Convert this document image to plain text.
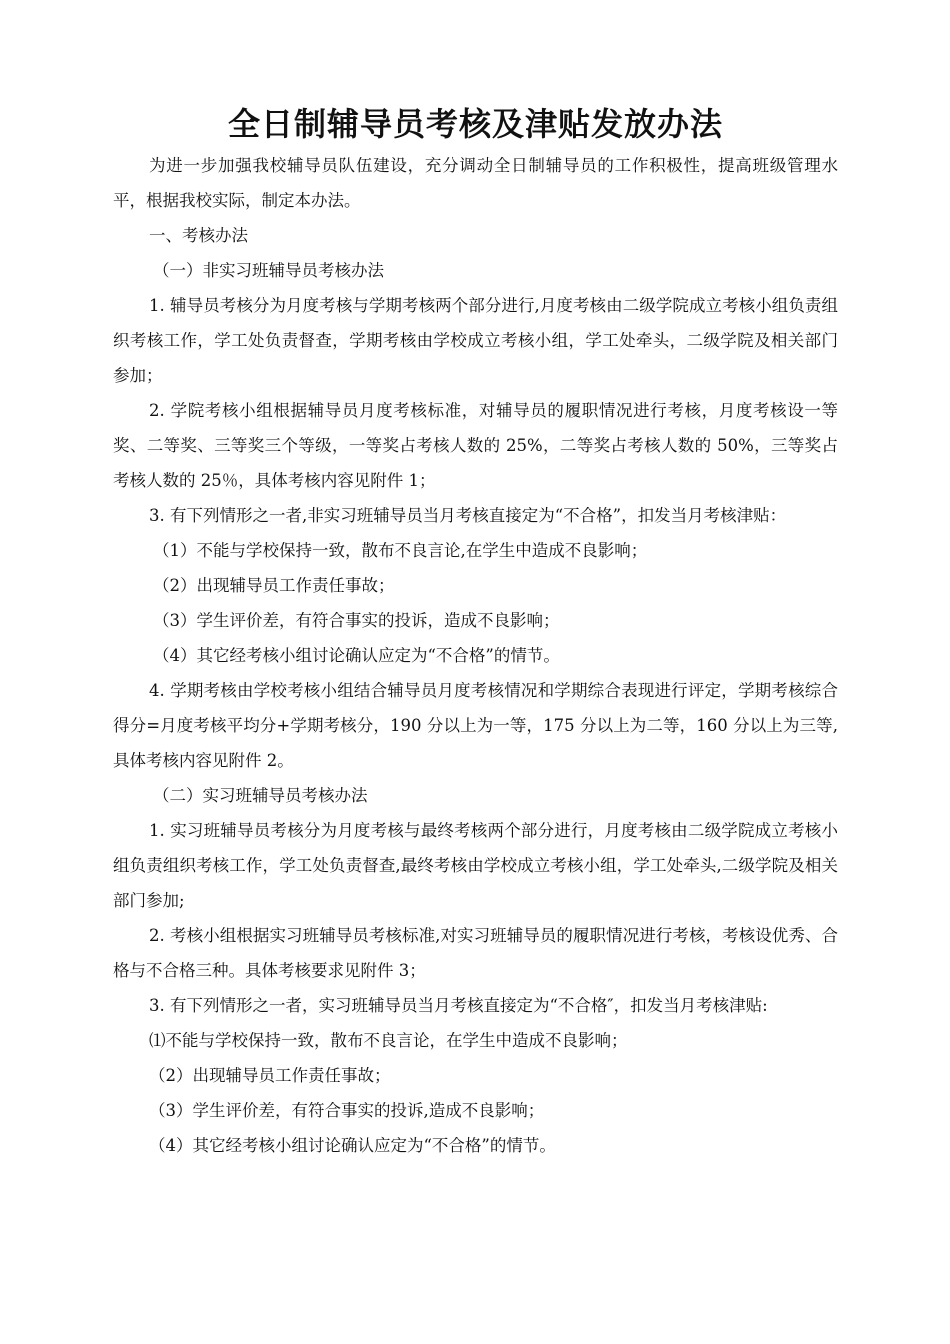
全日制辅导员考核及津贴发放办法

为进一步加强我校辅导员队伍建设，充分调动全日制辅导员的工作积极性，提高班级管理水平，根据我校实际，制定本办法。

一、考核办法

（一）非实习班辅导员考核办法

1. 辅导员考核分为月度考核与学期考核两个部分进行,月度考核由二级学院成立考核小组负责组织考核工作，学工处负责督查，学期考核由学校成立考核小组，学工处牵头，二级学院及相关部门参加；

2. 学院考核小组根据辅导员月度考核标准，对辅导员的履职情况进行考核，月度考核设一等奖、二等奖、三等奖三个等级，一等奖占考核人数的 25%，二等奖占考核人数的 50%，三等奖占考核人数的 25％，具体考核内容见附件 1；

3. 有下列情形之一者,非实习班辅导员当月考核直接定为“不合格”，扣发当月考核津贴：

（1）不能与学校保持一致，散布不良言论,在学生中造成不良影响；

（2）出现辅导员工作责任事故；

（3）学生评价差，有符合事实的投诉，造成不良影响；

（4）其它经考核小组讨论确认应定为“不合格”的情节。

4. 学期考核由学校考核小组结合辅导员月度考核情况和学期综合表现进行评定，学期考核综合得分=月度考核平均分+学期考核分，190 分以上为一等，175 分以上为二等，160 分以上为三等,具体考核内容见附件 2。

（二）实习班辅导员考核办法

1. 实习班辅导员考核分为月度考核与最终考核两个部分进行，月度考核由二级学院成立考核小组负责组织考核工作，学工处负责督查,最终考核由学校成立考核小组，学工处牵头,二级学院及相关部门参加;

2. 考核小组根据实习班辅导员考核标准,对实习班辅导员的履职情况进行考核，考核设优秀、合格与不合格三种。具体考核要求见附件 3；

3. 有下列情形之一者，实习班辅导员当月考核直接定为“不合格″，扣发当月考核津贴:

⑴不能与学校保持一致，散布不良言论，在学生中造成不良影响；

（2）出现辅导员工作责任事故；

（3）学生评价差，有符合事实的投诉,造成不良影响；

（4）其它经考核小组讨论确认应定为“不合格”的情节。
